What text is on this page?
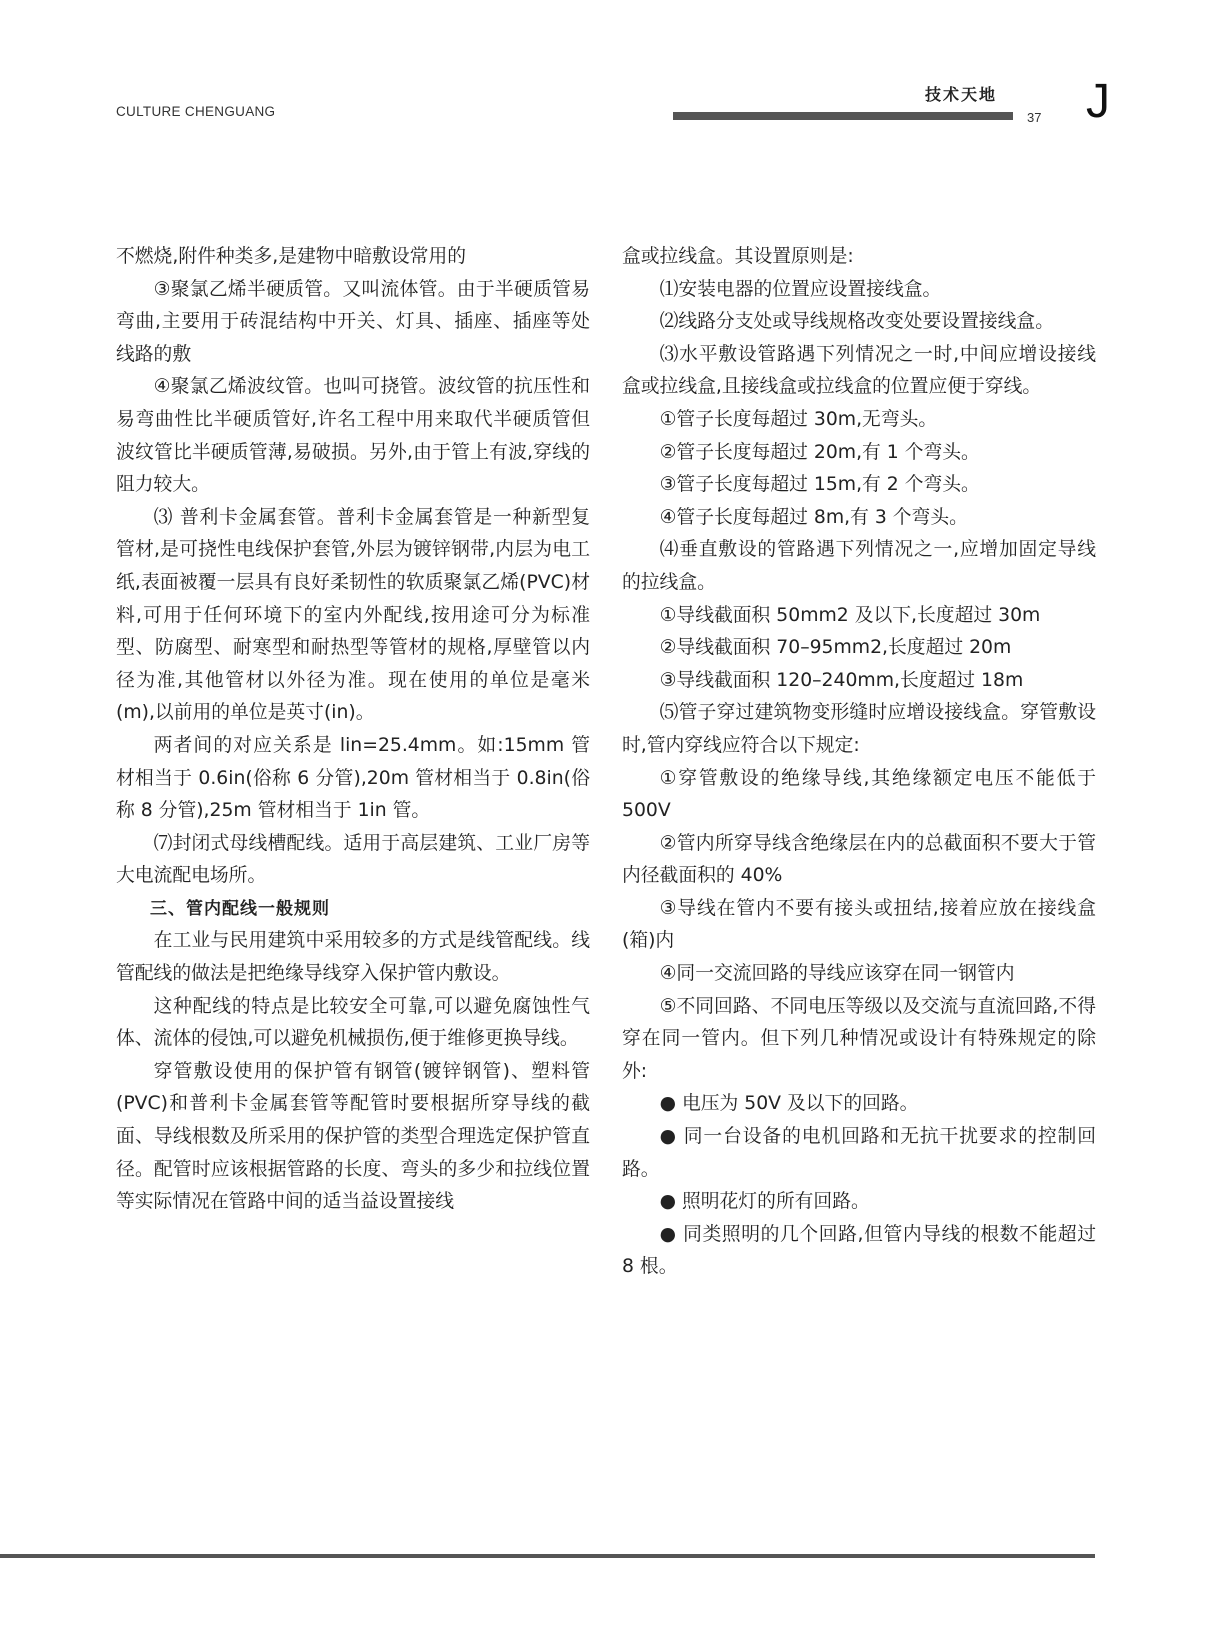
CULTURE CHENGUANG
技术天地
37 J

不燃烧,附件种类多,是建物中暗敷设常用的

③聚氯乙烯半硬质管。又叫流体管。由于半硬质管易弯曲,主要用于砖混结构中开关、灯具、插座、插座等处线路的敷

④聚氯乙烯波纹管。也叫可挠管。波纹管的抗压性和易弯曲性比半硬质管好,许名工程中用来取代半硬质管但波纹管比半硬质管薄,易破损。另外,由于管上有波,穿线的阻力较大。

⑶ 普利卡金属套管。普利卡金属套管是一种新型复管材,是可挠性电线保护套管,外层为镀锌钢带,内层为电工纸,表面被覆一层具有良好柔韧性的软质聚氯乙烯(PVC)材料,可用于任何环境下的室内外配线,按用途可分为标准型、防腐型、耐寒型和耐热型等管材的规格,厚壁管以内径为准,其他管材以外径为准。现在使用的单位是毫米(m),以前用的单位是英寸(in)。

两者间的对应关系是 lin=25.4mm。如:15mm 管材相当于 0.6in(俗称 6 分管),20m 管材相当于 0.8in(俗称 8 分管),25m 管材相当于 1in 管。

⑺封闭式母线槽配线。适用于高层建筑、工业厂房等大电流配电场所。

三、管内配线一般规则

在工业与民用建筑中采用较多的方式是线管配线。线管配线的做法是把绝缘导线穿入保护管内敷设。

这种配线的特点是比较安全可靠,可以避免腐蚀性气体、流体的侵蚀,可以避免机械损伤,便于维修更换导线。

穿管敷设使用的保护管有钢管(镀锌钢管)、塑料管(PVC)和普利卡金属套管等配管时要根据所穿导线的截面、导线根数及所采用的保护管的类型合理选定保护管直径。配管时应该根据管路的长度、弯头的多少和拉线位置等实际情况在管路中间的适当益设置接线

盒或拉线盒。其设置原则是:

⑴安装电器的位置应设置接线盒。

⑵线路分支处或导线规格改变处要设置接线盒。

⑶水平敷设管路遇下列情况之一时,中间应增设接线盒或拉线盒,且接线盒或拉线盒的位置应便于穿线。

①管子长度每超过 30m,无弯头。

②管子长度每超过 20m,有 1 个弯头。

③管子长度每超过 15m,有 2 个弯头。

④管子长度每超过 8m,有 3 个弯头。

⑷垂直敷设的管路遇下列情况之一,应增加固定导线的拉线盒。

①导线截面积 50mm2 及以下,长度超过 30m

②导线截面积 70–95mm2,长度超过 20m

③导线截面积 120–240mm,长度超过 18m

⑸管子穿过建筑物变形缝时应增设接线盒。穿管敷设时,管内穿线应符合以下规定:

①穿管敷设的绝缘导线,其绝缘额定电压不能低于 500V

②管内所穿导线含绝缘层在内的总截面积不要大于管内径截面积的 40%

③导线在管内不要有接头或扭结,接着应放在接线盒(箱)内

④同一交流回路的导线应该穿在同一钢管内

⑤不同回路、不同电压等级以及交流与直流回路,不得穿在同一管内。但下列几种情况或设计有特殊规定的除外:

● 电压为 50V 及以下的回路。

● 同一台设备的电机回路和无抗干扰要求的控制回路。

● 照明花灯的所有回路。

● 同类照明的几个回路,但管内导线的根数不能超过 8 根。
